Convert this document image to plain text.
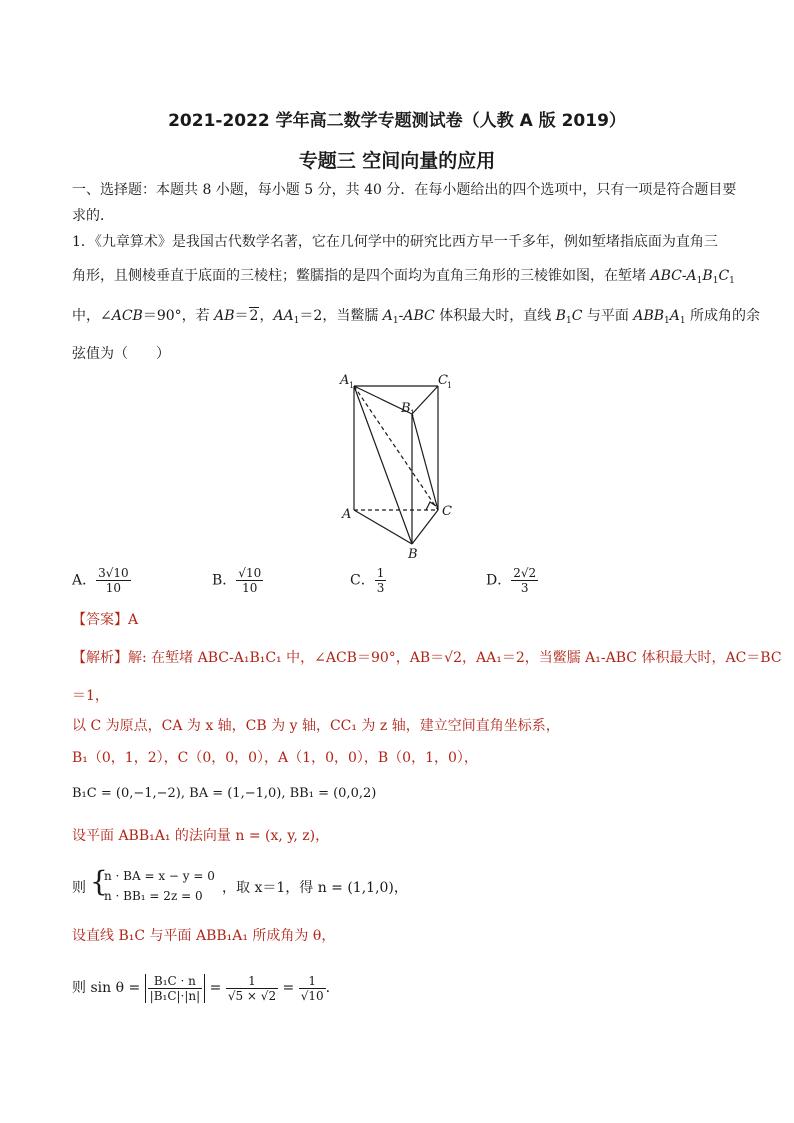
2021-2022 学年高二数学专题测试卷（人教 A 版 2019）
专题三 空间向量的应用
一、选择题：本题共 8 小题，每小题 5 分，共 40 分．在每小题给出的四个选项中，只有一项是符合题目要
求的．
1．《九章算术》是我国古代数学名著，它在几何学中的研究比西方早一千多年，例如堑堵指底面为直角三
角形，且侧棱垂直于底面的三棱柱；鳖臑指的是四个面均为直角三角形的三棱锥如图，在堑堵 ABC-$A_1B_1C_1$
中，∠ACB＝90°，若 AB＝2，$AA_1=2$，当鳖臑 $A_1$-ABC 体积最大时，直线 $B_1C$ 与平面 $ABB_1A_1$ 所成角的余
弦值为（　　）
A 1	C 1
B 1
A	C
B
A． $\frac{3√10}{10}$	B． $\frac{√10}{10}$	C． $\frac{1}{3}$	D． $\frac{2√2}{3}$
【答案】A
【解析】解: 在堑堵 ABC-A₁B₁C₁ 中，∠ACB＝90°，AB＝√2，AA₁＝2，当鳖臑 A₁-ABC 体积最大时，AC＝BC
＝1，
以 C 为原点，CA 为 x 轴，CB 为 y 轴，CC₁ 为 z 轴，建立空间直角坐标系，
B₁（0，1，2），C（0，0，0），A（1，0，0），B（0，1，0），
B₁C = (0,−1,−2), BA = (1,−1,0), BB₁ = (0,0,2)
设平面 ABB₁A₁ 的法向量 n = (x, y, z)，
则 {
n · BA = x − y = 0
n · BB₁ = 2z = 0	，取 x＝1，得 n = (1,1,0)，
设直线 B₁C 与平面 ABB₁A₁ 所成角为 θ，
则 $\sin \theta = \frac{\text{B₁C · n}}{\text{|B₁C|·|n|}} = \frac{1}{√5 \times √2} = \frac{1}{√10}$ .
